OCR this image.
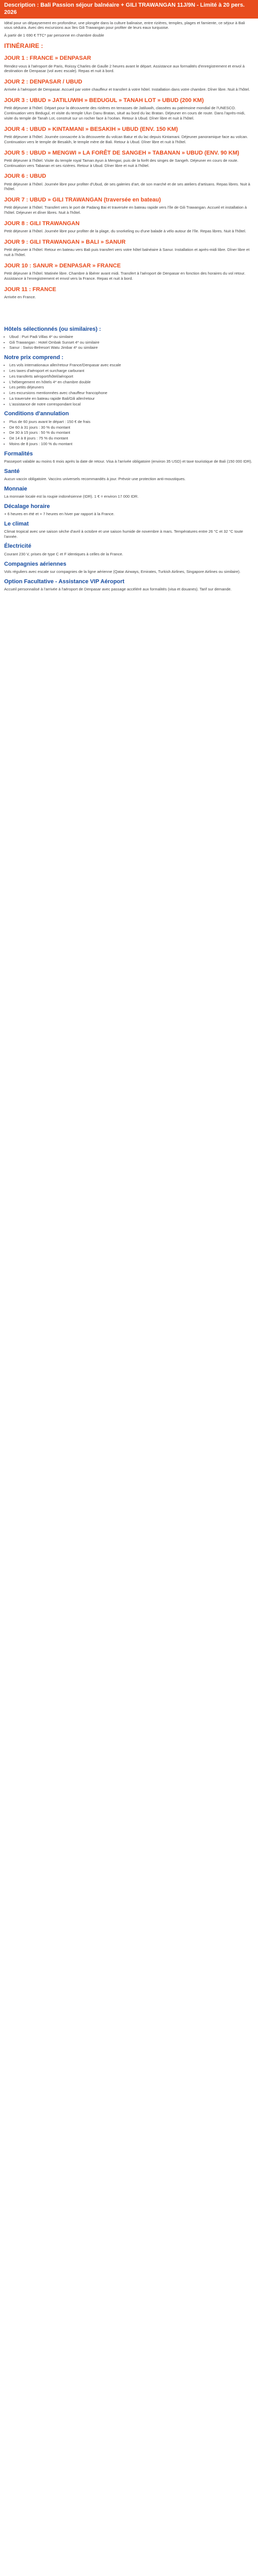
Description : Bali Passion séjour balnéaire + GILI TRAWANGAN 11J/9N - Limité à 20 pers. 2026

Idéal pour un dépaysement en profondeur, une plongée dans la culture balinaise, entre rizières, temples, plages et farniente, ce séjour à Bali vous séduira. Avec des excursions aux îles Gili Trawangan pour profiter de leurs eaux turquoise.

À partir de 1 690 € TTC* par personne en chambre double

ITINÉRAIRE :
JOUR 1 : FRANCE » DENPASAR

Rendez-vous à l'aéroport de Paris, Roissy Charles de Gaulle 2 heures avant le départ. Assistance aux formalités d'enregistrement et envol à destination de Denpasar (vol avec escale). Repas et nuit à bord.

JOUR 2 : DENPASAR / UBUD

Arrivée à l'aéroport de Denpasar. Accueil par votre chauffeur et transfert à votre hôtel. Installation dans votre chambre. Dîner libre. Nuit à l'hôtel.

JOUR 3 : UBUD » JATILUWIH » BEDUGUL » TANAH LOT » UBUD (200 KM)

Petit déjeuner à l'hôtel. Départ pour la découverte des rizières en terrasses de Jatiluwih, classées au patrimoine mondial de l'UNESCO. Continuation vers Bedugul, et visite du temple Ulun Danu Bratan, situé au bord du lac Bratan. Déjeuner en cours de route. Dans l'après-midi, visite du temple de Tanah Lot, construit sur un rocher face à l'océan. Retour à Ubud. Dîner libre et nuit à l'hôtel.

JOUR 4 : UBUD » KINTAMANI » BESAKIH » UBUD (ENV. 150 KM)

Petit déjeuner à l'hôtel. Journée consacrée à la découverte du volcan Batur et du lac depuis Kintamani. Déjeuner panoramique face au volcan. Continuation vers le temple de Besakih, le temple mère de Bali. Retour à Ubud. Dîner libre et nuit à l'hôtel.

JOUR 5 : UBUD » MENGWI » LA FORÊT DE SANGEH » TABANAN » UBUD (ENV. 90 KM)

Petit déjeuner à l'hôtel. Visite du temple royal Taman Ayun à Mengwi, puis de la forêt des singes de Sangeh. Déjeuner en cours de route. Continuation vers Tabanan et ses rizières. Retour à Ubud. Dîner libre et nuit à l'hôtel.

JOUR 6 : UBUD

Petit déjeuner à l'hôtel. Journée libre pour profiter d'Ubud, de ses galeries d'art, de son marché et de ses ateliers d'artisans. Repas libres. Nuit à l'hôtel.

JOUR 7 : UBUD » GILI TRAWANGAN (traversée en bateau)

Petit déjeuner à l'hôtel. Transfert vers le port de Padang Bai et traversée en bateau rapide vers l'île de Gili Trawangan. Accueil et installation à l'hôtel. Déjeuner et dîner libres. Nuit à l'hôtel.

JOUR 8 : GILI TRAWANGAN

Petit déjeuner à l'hôtel. Journée libre pour profiter de la plage, du snorkeling ou d'une balade à vélo autour de l'île. Repas libres. Nuit à l'hôtel.

JOUR 9 : GILI TRAWANGAN » BALI » SANUR

Petit déjeuner à l'hôtel. Retour en bateau vers Bali puis transfert vers votre hôtel balnéaire à Sanur. Installation et après-midi libre. Dîner libre et nuit à l'hôtel.

JOUR 10 : SANUR » DENPASAR » FRANCE

Petit déjeuner à l'hôtel. Matinée libre. Chambre à libérer avant midi. Transfert à l'aéroport de Denpasar en fonction des horaires du vol retour. Assistance à l'enregistrement et envol vers la France. Repas et nuit à bord.

JOUR 11 : FRANCE

Arrivée en France.

Hôtels sélectionnés (ou similaires) :
• Ubud : Puri Padi Villas 4* ou similaire
• Gili Trawangan : Hotel Ombak Sunset 4* ou similaire
• Sanur : Swiss-Belresort Watu Jimbar 4* ou similaire
Notre prix comprend :
• Les vols internationaux aller/retour France/Denpasar avec escale
• Les taxes d'aéroport et surcharge carburant
• Les transferts aéroport/hôtel/aéroport
• L'hébergement en hôtels 4* en chambre double
• Les petits déjeuners
• Les excursions mentionnées avec chauffeur francophone
• La traversée en bateau rapide Bali/Gili aller/retour
• L'assistance de notre correspondant local
Conditions d'annulation
• Plus de 60 jours avant le départ : 150 € de frais
• De 60 à 31 jours : 30 % du montant
• De 30 à 15 jours : 50 % du montant
• De 14 à 8 jours : 75 % du montant
• Moins de 8 jours : 100 % du montant
Formalités

Passeport valable au moins 6 mois après la date de retour. Visa à l'arrivée obligatoire (environ 35 USD) et taxe touristique de Bali (150 000 IDR).

Santé

Aucun vaccin obligatoire. Vaccins universels recommandés à jour. Prévoir une protection anti-moustiques.

Monnaie

La monnaie locale est la roupie indonésienne (IDR). 1 € = environ 17 000 IDR.

Décalage horaire

+ 6 heures en été et + 7 heures en hiver par rapport à la France.

Le climat

Climat tropical avec une saison sèche d'avril à octobre et une saison humide de novembre à mars. Températures entre 26 °C et 32 °C toute l'année.

Électricité

Courant 230 V, prises de type C et F identiques à celles de la France.

Compagnies aériennes

Vols réguliers avec escale sur compagnies de la ligne aérienne (Qatar Airways, Emirates, Turkish Airlines, Singapore Airlines ou similaire).

Option Facultative - Assistance VIP Aéroport

Accueil personnalisé à l'arrivée à l'aéroport de Denpasar avec passage accéléré aux formalités (visa et douanes). Tarif sur demande.
